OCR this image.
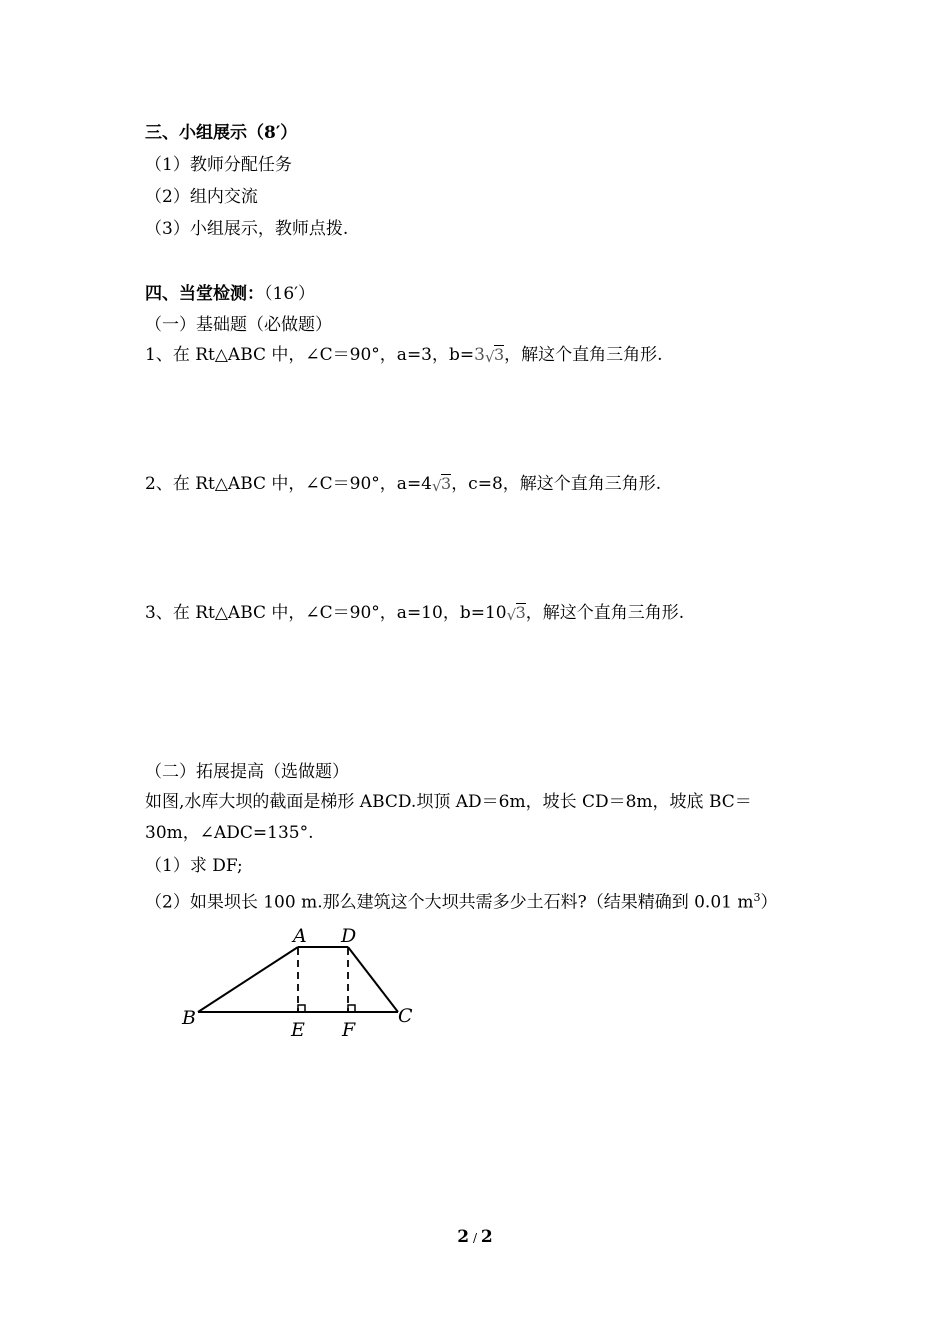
三、小组展示（8′）
（1）教师分配任务
（2）组内交流
（3）小组展示，教师点拨.
四、当堂检测：（16′）
（一）基础题（必做题）
1、在 Rt△ABC 中，∠C＝90°，a=3，b=3 √ 3，解这个直角三角形.
2、在 Rt△ABC 中，∠C＝90°，a=4 √ 3，c=8，解这个直角三角形.
3、在 Rt△ABC 中，∠C＝90°，a=10，b=10 √ 3，解这个直角三角形.
（二）拓展提高（选做题）
如图,水库大坝的截面是梯形 ABCD.坝顶 AD＝6m，坡长 CD＝8m，坡底 BC＝
30m，∠ADC=135°.
（1）求 DF;
（2）如果坝长 100 m.那么建筑这个大坝共需多少土石料?（结果精确到 0.01 $m^3$）
A D
B
E F
C
2 / 2
